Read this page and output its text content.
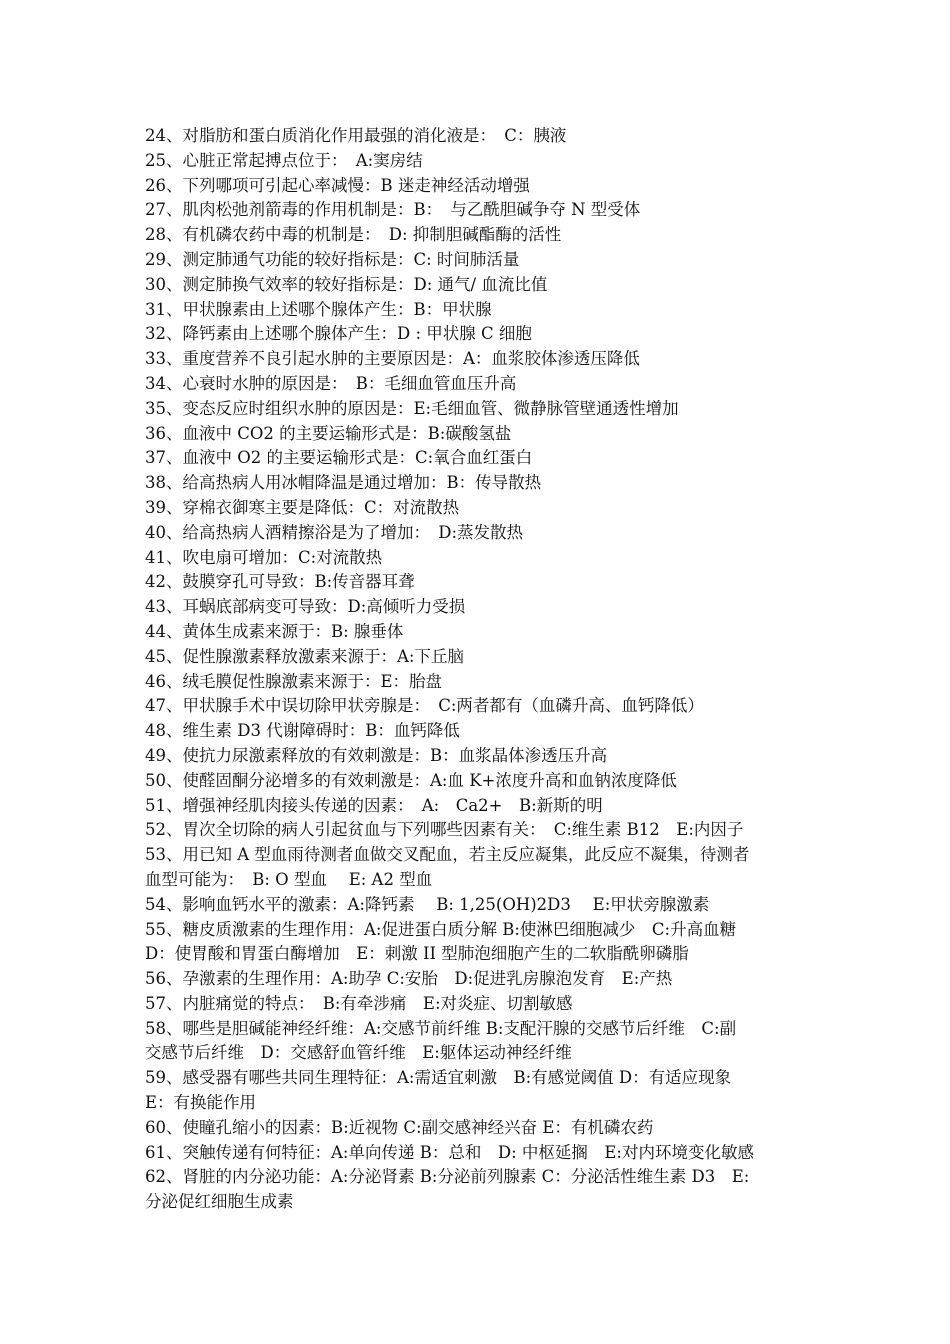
24、对脂肪和蛋白质消化作用最强的消化液是：　C：胰液
25、心脏正常起搏点位于：　A:窦房结
26、下列哪项可引起心率减慢：B 迷走神经活动增强
27、肌肉松弛剂箭毒的作用机制是：B：　与乙酰胆碱争夺 N 型受体
28、有机磷农药中毒的机制是：　D: 抑制胆碱酯酶的活性
29、测定肺通气功能的较好指标是：C: 时间肺活量
30、测定肺换气效率的较好指标是：D: 通气/ 血流比值
31、甲状腺素由上述哪个腺体产生：B：甲状腺
32、降钙素由上述哪个腺体产生：D : 甲状腺 C 细胞
33、重度营养不良引起水肿的主要原因是：A：血浆胶体渗透压降低
34、心衰时水肿的原因是：　B：毛细血管血压升高
35、变态反应时组织水肿的原因是：E:毛细血管、微静脉管壁通透性增加
36、血液中 CO2 的主要运输形式是：B:碳酸氢盐
37、血液中 O2 的主要运输形式是：C:氧合血红蛋白
38、给高热病人用冰帽降温是通过增加：B：传导散热
39、穿棉衣御寒主要是降低：C：对流散热
40、给高热病人酒精擦浴是为了增加：　D:蒸发散热
41、吹电扇可增加：C:对流散热
42、鼓膜穿孔可导致：B:传音器耳聋
43、耳蜗底部病变可导致：D:高倾听力受损
44、黄体生成素来源于：B: 腺垂体
45、促性腺激素释放激素来源于：A:下丘脑
46、绒毛膜促性腺激素来源于：E：胎盘
47、甲状腺手术中误切除甲状旁腺是：　C:两者都有（血磷升高、血钙降低）
48、维生素 D3 代谢障碍时：B：血钙降低
49、使抗力尿激素释放的有效刺激是：B：血浆晶体渗透压升高
50、使醛固酮分泌增多的有效刺激是：A:血 K+浓度升高和血钠浓度降低
51、增强神经肌肉接头传递的因素：　A:　Ca2+　B:新斯的明
52、胃次全切除的病人引起贫血与下列哪些因素有关：　C:维生素 B12　E:内因子
53、用已知 A 型血雨待测者血做交叉配血，若主反应凝集，此反应不凝集，待测者
血型可能为：　B: O 型血　 E: A2 型血
54、影响血钙水平的激素：A:降钙素　 B: 1,25(OH)2D3　 E:甲状旁腺激素
55、糖皮质激素的生理作用：A:促进蛋白质分解 B:使淋巴细胞减少　C:升高血糖
D：使胃酸和胃蛋白酶增加　E：刺激 II 型肺泡细胞产生的二软脂酰卵磷脂
56、孕激素的生理作用：A:助孕 C:安胎　D:促进乳房腺泡发育　E:产热
57、内脏痛觉的特点：　B:有牵涉痛　E:对炎症、切割敏感
58、哪些是胆碱能神经纤维：A:交感节前纤维 B:支配汗腺的交感节后纤维　C:副
交感节后纤维　D：交感舒血管纤维　E:躯体运动神经纤维
59、感受器有哪些共同生理特征：A:需适宜刺激　B:有感觉阈值 D：有适应现象
E：有换能作用
60、使瞳孔缩小的因素：B:近视物 C:副交感神经兴奋 E：有机磷农药
61、突触传递有何特征：A:单向传递 B：总和　D: 中枢延搁　E:对内环境变化敏感
62、肾脏的内分泌功能：A:分泌肾素 B:分泌前列腺素 C：分泌活性维生素 D3　E:
分泌促红细胞生成素
